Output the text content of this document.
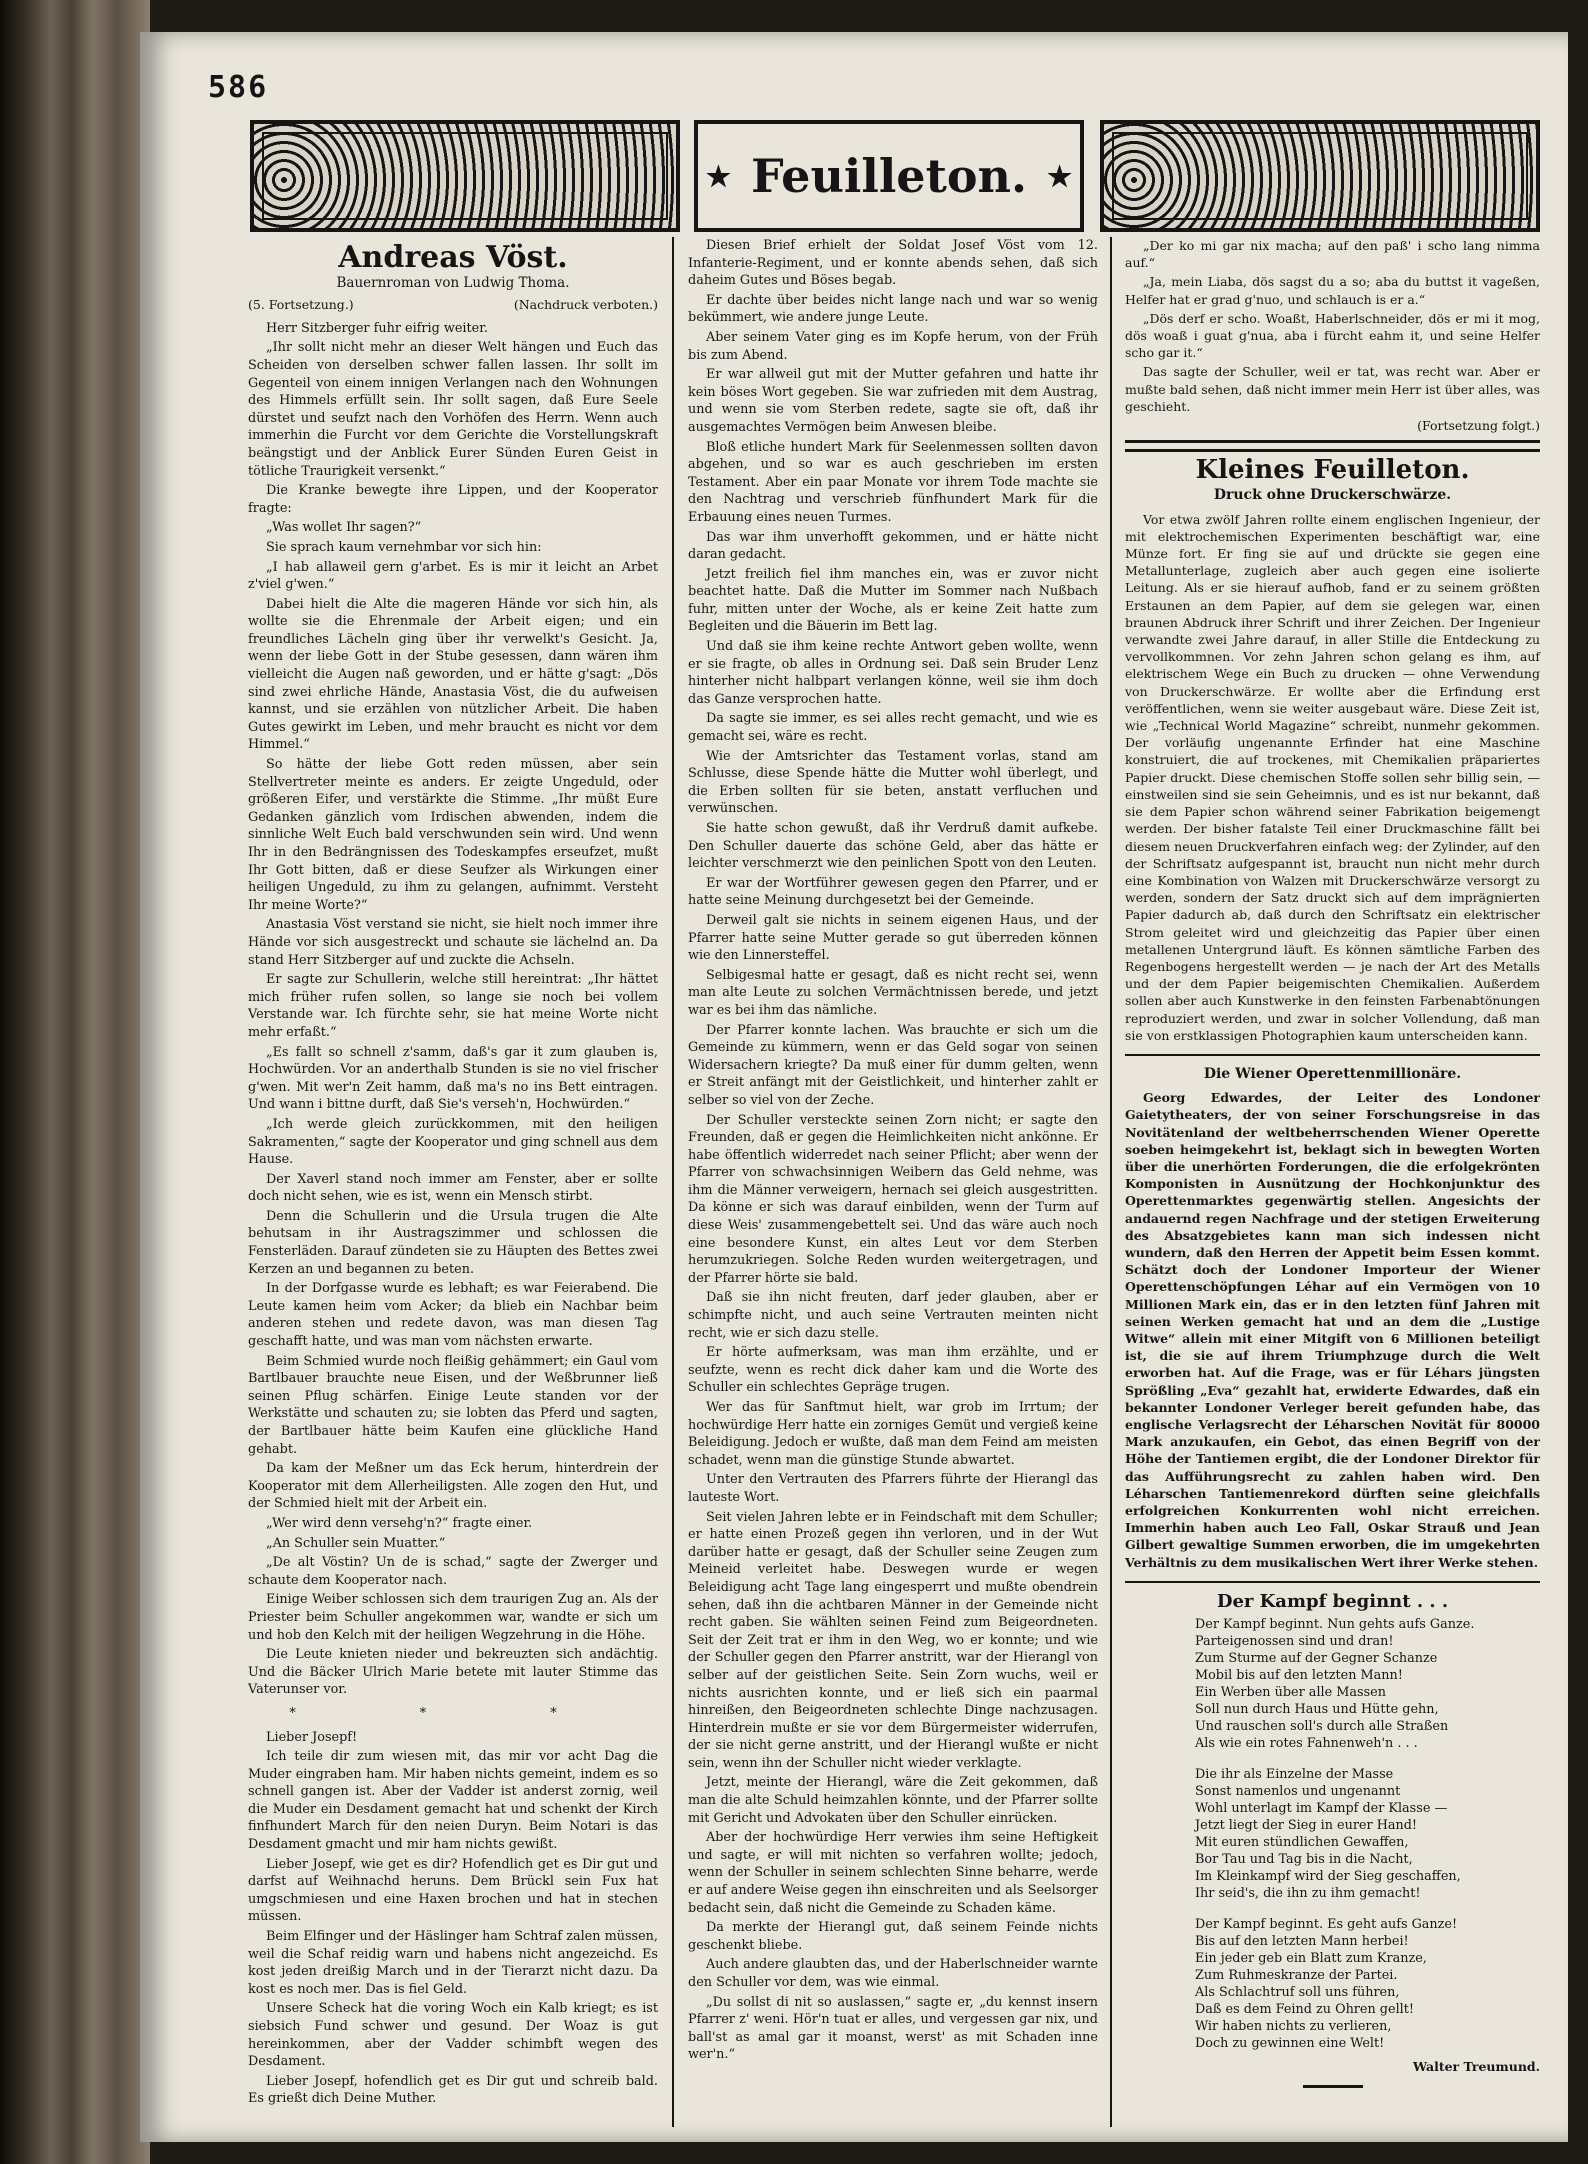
586
★ Feuilleton. ★
Andreas Vöst.
Bauernroman von Ludwig Thoma.
(5. Fortsetzung.)	(Nachdruck verboten.)

Herr Sitzberger fuhr eifrig weiter.

„Ihr sollt nicht mehr an dieser Welt hängen und Euch das Scheiden von derselben schwer fallen lassen. Ihr sollt im Gegenteil von einem innigen Verlangen nach den Wohnungen des Himmels erfüllt sein. Ihr sollt sagen, daß Eure Seele dürstet und seufzt nach den Vorhöfen des Herrn. Wenn auch immerhin die Furcht vor dem Gerichte die Vorstellungskraft beängstigt und der Anblick Eurer Sünden Euren Geist in tötliche Traurigkeit versenkt.“

Die Kranke bewegte ihre Lippen, und der Kooperator fragte:

„Was wollet Ihr sagen?“

Sie sprach kaum vernehmbar vor sich hin:

„I hab allaweil gern g'arbet. Es is mir it leicht an Arbet z'viel g'wen.“

Dabei hielt die Alte die mageren Hände vor sich hin, als wollte sie die Ehrenmale der Arbeit eigen; und ein freundliches Lächeln ging über ihr verwelkt's Gesicht. Ja, wenn der liebe Gott in der Stube gesessen, dann wären ihm vielleicht die Augen naß geworden, und er hätte g'sagt: „Dös sind zwei ehrliche Hände, Anastasia Vöst, die du aufweisen kannst, und sie erzählen von nützlicher Arbeit. Die haben Gutes gewirkt im Leben, und mehr braucht es nicht vor dem Himmel.“

So hätte der liebe Gott reden müssen, aber sein Stellvertreter meinte es anders. Er zeigte Ungeduld, oder größeren Eifer, und verstärkte die Stimme. „Ihr müßt Eure Gedanken gänzlich vom Irdischen abwenden, indem die sinnliche Welt Euch bald verschwunden sein wird. Und wenn Ihr in den Bedrängnissen des Todeskampfes erseufzet, mußt Ihr Gott bitten, daß er diese Seufzer als Wirkungen einer heiligen Ungeduld, zu ihm zu gelangen, aufnimmt. Versteht Ihr meine Worte?“

Anastasia Vöst verstand sie nicht, sie hielt noch immer ihre Hände vor sich ausgestreckt und schaute sie lächelnd an. Da stand Herr Sitzberger auf und zuckte die Achseln.

Er sagte zur Schullerin, welche still hereintrat: „Ihr hättet mich früher rufen sollen, so lange sie noch bei vollem Verstande war. Ich fürchte sehr, sie hat meine Worte nicht mehr erfaßt.“

„Es fallt so schnell z'samm, daß's gar it zum glauben is, Hochwürden. Vor an anderthalb Stunden is sie no viel frischer g'wen. Mit wer'n Zeit hamm, daß ma's no ins Bett eintragen. Und wann i bittne durft, daß Sie's verseh'n, Hochwürden.“

„Ich werde gleich zurückkommen, mit den heiligen Sakramenten,“ sagte der Kooperator und ging schnell aus dem Hause.

Der Xaverl stand noch immer am Fenster, aber er sollte doch nicht sehen, wie es ist, wenn ein Mensch stirbt.

Denn die Schullerin und die Ursula trugen die Alte behutsam in ihr Austragszimmer und schlossen die Fensterläden. Darauf zündeten sie zu Häupten des Bettes zwei Kerzen an und begannen zu beten.

In der Dorfgasse wurde es lebhaft; es war Feierabend. Die Leute kamen heim vom Acker; da blieb ein Nachbar beim anderen stehen und redete davon, was man diesen Tag geschafft hatte, und was man vom nächsten erwarte.

Beim Schmied wurde noch fleißig gehämmert; ein Gaul vom Bartlbauer brauchte neue Eisen, und der Weßbrunner ließ seinen Pflug schärfen. Einige Leute standen vor der Werkstätte und schauten zu; sie lobten das Pferd und sagten, der Bartlbauer hätte beim Kaufen eine glückliche Hand gehabt.

Da kam der Meßner um das Eck herum, hinterdrein der Kooperator mit dem Allerheiligsten. Alle zogen den Hut, und der Schmied hielt mit der Arbeit ein.

„Wer wird denn versehg'n?“ fragte einer.

„An Schuller sein Muatter.“

„De alt Vöstin? Un de is schad,“ sagte der Zwerger und schaute dem Kooperator nach.

Einige Weiber schlossen sich dem traurigen Zug an. Als der Priester beim Schuller angekommen war, wandte er sich um und hob den Kelch mit der heiligen Wegzehrung in die Höhe.

Die Leute knieten nieder und bekreuzten sich andächtig. Und die Bäcker Ulrich Marie betete mit lauter Stimme das Vaterunser vor.

* * *

Lieber Josepf!

Ich teile dir zum wiesen mit, das mir vor acht Dag die Muder eingraben ham. Mir haben nichts gemeint, indem es so schnell gangen ist. Aber der Vadder ist anderst zornig, weil die Muder ein Desdament gemacht hat und schenkt der Kirch finfhundert March für den neien Duryn. Beim Notari is das Desdament gmacht und mir ham nichts gewißt.

Lieber Josepf, wie get es dir? Hofendlich get es Dir gut und darfst auf Weihnachd heruns. Dem Brückl sein Fux hat umgschmiesen und eine Haxen brochen und hat in stechen müssen.

Beim Elfinger und der Häslinger ham Schtraf zalen müssen, weil die Schaf reidig warn und habens nicht angezeichd. Es kost jeden dreißig March und in der Tierarzt nicht dazu. Da kost es noch mer. Das is fiel Geld.

Unsere Scheck hat die voring Woch ein Kalb kriegt; es ist siebsich Fund schwer und gesund. Der Woaz is gut hereinkommen, aber der Vadder schimbft wegen des Desdament.

Lieber Josepf, hofendlich get es Dir gut und schreib bald. Es grießt dich Deine Muther.

Diesen Brief erhielt der Soldat Josef Vöst vom 12. Infanterie-Regiment, und er konnte abends sehen, daß sich daheim Gutes und Böses begab.

Er dachte über beides nicht lange nach und war so wenig bekümmert, wie andere junge Leute.

Aber seinem Vater ging es im Kopfe herum, von der Früh bis zum Abend.

Er war allweil gut mit der Mutter gefahren und hatte ihr kein böses Wort gegeben. Sie war zufrieden mit dem Austrag, und wenn sie vom Sterben redete, sagte sie oft, daß ihr ausgemachtes Vermögen beim Anwesen bleibe.

Bloß etliche hundert Mark für Seelenmessen sollten davon abgehen, und so war es auch geschrieben im ersten Testament. Aber ein paar Monate vor ihrem Tode machte sie den Nachtrag und verschrieb fünfhundert Mark für die Erbauung eines neuen Turmes.

Das war ihm unverhofft gekommen, und er hätte nicht daran gedacht.

Jetzt freilich fiel ihm manches ein, was er zuvor nicht beachtet hatte. Daß die Mutter im Sommer nach Nußbach fuhr, mitten unter der Woche, als er keine Zeit hatte zum Begleiten und die Bäuerin im Bett lag.

Und daß sie ihm keine rechte Antwort geben wollte, wenn er sie fragte, ob alles in Ordnung sei. Daß sein Bruder Lenz hinterher nicht halbpart verlangen könne, weil sie ihm doch das Ganze versprochen hatte.

Da sagte sie immer, es sei alles recht gemacht, und wie es gemacht sei, wäre es recht.

Wie der Amtsrichter das Testament vorlas, stand am Schlusse, diese Spende hätte die Mutter wohl überlegt, und die Erben sollten für sie beten, anstatt verfluchen und verwünschen.

Sie hatte schon gewußt, daß ihr Verdruß damit aufkebe. Den Schuller dauerte das schöne Geld, aber das hätte er leichter verschmerzt wie den peinlichen Spott von den Leuten.

Er war der Wortführer gewesen gegen den Pfarrer, und er hatte seine Meinung durchgesetzt bei der Gemeinde.

Derweil galt sie nichts in seinem eigenen Haus, und der Pfarrer hatte seine Mutter gerade so gut überreden können wie den Linnersteffel.

Selbigesmal hatte er gesagt, daß es nicht recht sei, wenn man alte Leute zu solchen Vermächtnissen berede, und jetzt war es bei ihm das nämliche.

Der Pfarrer konnte lachen. Was brauchte er sich um die Gemeinde zu kümmern, wenn er das Geld sogar von seinen Widersachern kriegte? Da muß einer für dumm gelten, wenn er Streit anfängt mit der Geistlichkeit, und hinterher zahlt er selber so viel von der Zeche.

Der Schuller versteckte seinen Zorn nicht; er sagte den Freunden, daß er gegen die Heimlichkeiten nicht ankönne. Er habe öffentlich widerredet nach seiner Pflicht; aber wenn der Pfarrer von schwachsinnigen Weibern das Geld nehme, was ihm die Männer verweigern, hernach sei gleich ausgestritten. Da könne er sich was darauf einbilden, wenn der Turm auf diese Weis' zusammengebettelt sei. Und das wäre auch noch eine besondere Kunst, ein altes Leut vor dem Sterben herumzukriegen. Solche Reden wurden weitergetragen, und der Pfarrer hörte sie bald.

Daß sie ihn nicht freuten, darf jeder glauben, aber er schimpfte nicht, und auch seine Vertrauten meinten nicht recht, wie er sich dazu stelle.

Er hörte aufmerksam, was man ihm erzählte, und er seufzte, wenn es recht dick daher kam und die Worte des Schuller ein schlechtes Gepräge trugen.

Wer das für Sanftmut hielt, war grob im Irrtum; der hochwürdige Herr hatte ein zorniges Gemüt und vergieß keine Beleidigung. Jedoch er wußte, daß man dem Feind am meisten schadet, wenn man die günstige Stunde abwartet.

Unter den Vertrauten des Pfarrers führte der Hierangl das lauteste Wort.

Seit vielen Jahren lebte er in Feindschaft mit dem Schuller; er hatte einen Prozeß gegen ihn verloren, und in der Wut darüber hatte er gesagt, daß der Schuller seine Zeugen zum Meineid verleitet habe. Deswegen wurde er wegen Beleidigung acht Tage lang eingesperrt und mußte obendrein sehen, daß ihn die achtbaren Männer in der Gemeinde nicht recht gaben. Sie wählten seinen Feind zum Beigeordneten. Seit der Zeit trat er ihm in den Weg, wo er konnte; und wie der Schuller gegen den Pfarrer anstritt, war der Hierangl von selber auf der geistlichen Seite. Sein Zorn wuchs, weil er nichts ausrichten konnte, und er ließ sich ein paarmal hinreißen, den Beigeordneten schlechte Dinge nachzusagen. Hinterdrein mußte er sie vor dem Bürgermeister widerrufen, der sie nicht gerne anstritt, und der Hierangl wußte er nicht sein, wenn ihn der Schuller nicht wieder verklagte.

Jetzt, meinte der Hierangl, wäre die Zeit gekommen, daß man die alte Schuld heimzahlen könnte, und der Pfarrer sollte mit Gericht und Advokaten über den Schuller einrücken.

Aber der hochwürdige Herr verwies ihm seine Heftigkeit und sagte, er will mit nichten so verfahren wollte; jedoch, wenn der Schuller in seinem schlechten Sinne beharre, werde er auf andere Weise gegen ihn einschreiten und als Seelsorger bedacht sein, daß nicht die Gemeinde zu Schaden käme.

Da merkte der Hierangl gut, daß seinem Feinde nichts geschenkt bliebe.

Auch andere glaubten das, und der Haberlschneider warnte den Schuller vor dem, was wie einmal.

„Du sollst di nit so auslassen,“ sagte er, „du kennst insern Pfarrer z' weni. Hör'n tuat er alles, und vergessen gar nix, und ball'st as amal gar it moanst, werst' as mit Schaden inne wer'n.“

„Der ko mi gar nix macha; auf den paß' i scho lang nimma auf.“

„Ja, mein Liaba, dös sagst du a so; aba du buttst it vageßen, Helfer hat er grad g'nuo, und schlauch is er a.“

„Dös derf er scho. Woaßt, Haberlschneider, dös er mi it mog, dös woaß i guat g'nua, aba i fürcht eahm it, und seine Helfer scho gar it.“

Das sagte der Schuller, weil er tat, was recht war. Aber er mußte bald sehen, daß nicht immer mein Herr ist über alles, was geschieht.

(Fortsetzung folgt.)
Kleines Feuilleton.
Druck ohne Druckerschwärze.

Vor etwa zwölf Jahren rollte einem englischen Ingenieur, der mit elektrochemischen Experimenten beschäftigt war, eine Münze fort. Er fing sie auf und drückte sie gegen eine Metallunterlage, zugleich aber auch gegen eine isolierte Leitung. Als er sie hierauf aufhob, fand er zu seinem größten Erstaunen an dem Papier, auf dem sie gelegen war, einen braunen Abdruck ihrer Schrift und ihrer Zeichen. Der Ingenieur verwandte zwei Jahre darauf, in aller Stille die Entdeckung zu vervollkommnen. Vor zehn Jahren schon gelang es ihm, auf elektrischem Wege ein Buch zu drucken — ohne Verwendung von Druckerschwärze. Er wollte aber die Erfindung erst veröffentlichen, wenn sie weiter ausgebaut wäre. Diese Zeit ist, wie „Technical World Magazine“ schreibt, nunmehr gekommen. Der vorläufig ungenannte Erfinder hat eine Maschine konstruiert, die auf trockenes, mit Chemikalien präpariertes Papier druckt. Diese chemischen Stoffe sollen sehr billig sein, — einstweilen sind sie sein Geheimnis, und es ist nur bekannt, daß sie dem Papier schon während seiner Fabrikation beigemengt werden. Der bisher fatalste Teil einer Druckmaschine fällt bei diesem neuen Druckverfahren einfach weg: der Zylinder, auf den der Schriftsatz aufgespannt ist, braucht nun nicht mehr durch eine Kombination von Walzen mit Druckerschwärze versorgt zu werden, sondern der Satz druckt sich auf dem imprägnierten Papier dadurch ab, daß durch den Schriftsatz ein elektrischer Strom geleitet wird und gleichzeitig das Papier über einen metallenen Untergrund läuft. Es können sämtliche Farben des Regenbogens hergestellt werden — je nach der Art des Metalls und der dem Papier beigemischten Chemikalien. Außerdem sollen aber auch Kunstwerke in den feinsten Farbenabtönungen reproduziert werden, und zwar in solcher Vollendung, daß man sie von erstklassigen Photographien kaum unterscheiden kann.

Die Wiener Operettenmillionäre.

Georg Edwardes, der Leiter des Londoner Gaietytheaters, der von seiner Forschungsreise in das Novitätenland der weltbeherrschenden Wiener Operette soeben heimgekehrt ist, beklagt sich in bewegten Worten über die unerhörten Forderungen, die die erfolgekrönten Komponisten in Ausnützung der Hochkonjunktur des Operettenmarktes gegenwärtig stellen. Angesichts der andauernd regen Nachfrage und der stetigen Erweiterung des Absatzgebietes kann man sich indessen nicht wundern, daß den Herren der Appetit beim Essen kommt. Schätzt doch der Londoner Importeur der Wiener Operettenschöpfungen Léhar auf ein Vermögen von 10 Millionen Mark ein, das er in den letzten fünf Jahren mit seinen Werken gemacht hat und an dem die „Lustige Witwe“ allein mit einer Mitgift von 6 Millionen beteiligt ist, die sie auf ihrem Triumphzuge durch die Welt erworben hat. Auf die Frage, was er für Léhars jüngsten Sprößling „Eva“ gezahlt hat, erwiderte Edwardes, daß ein bekannter Londoner Verleger bereit gefunden habe, das englische Verlagsrecht der Léharschen Novität für 80000 Mark anzukaufen, ein Gebot, das einen Begriff von der Höhe der Tantiemen ergibt, die der Londoner Direktor für das Aufführungsrecht zu zahlen haben wird. Den Léharschen Tantiemenrekord dürften seine gleichfalls erfolgreichen Konkurrenten wohl nicht erreichen. Immerhin haben auch Leo Fall, Oskar Strauß und Jean Gilbert gewaltige Summen erworben, die im umgekehrten Verhältnis zu dem musikalischen Wert ihrer Werke stehen.

Der Kampf beginnt . . .
Der Kampf beginnt. Nun gehts aufs Ganze.
Parteigenossen sind und dran!
Zum Sturme auf der Gegner Schanze
Mobil bis auf den letzten Mann!
Ein Werben über alle Massen
Soll nun durch Haus und Hütte gehn,
Und rauschen soll's durch alle Straßen
Als wie ein rotes Fahnenweh'n . . .
Die ihr als Einzelne der Masse
Sonst namenlos und ungenannt
Wohl unterlagt im Kampf der Klasse —
Jetzt liegt der Sieg in eurer Hand!
Mit euren stündlichen Gewaffen,
Bor Tau und Tag bis in die Nacht,
Im Kleinkampf wird der Sieg geschaffen,
Ihr seid's, die ihn zu ihm gemacht!
Der Kampf beginnt. Es geht aufs Ganze!
Bis auf den letzten Mann herbei!
Ein jeder geb ein Blatt zum Kranze,
Zum Ruhmeskranze der Partei.
Als Schlachtruf soll uns führen,
Daß es dem Feind zu Ohren gellt!
Wir haben nichts zu verlieren,
Doch zu gewinnen eine Welt!
Walter Treumund.
